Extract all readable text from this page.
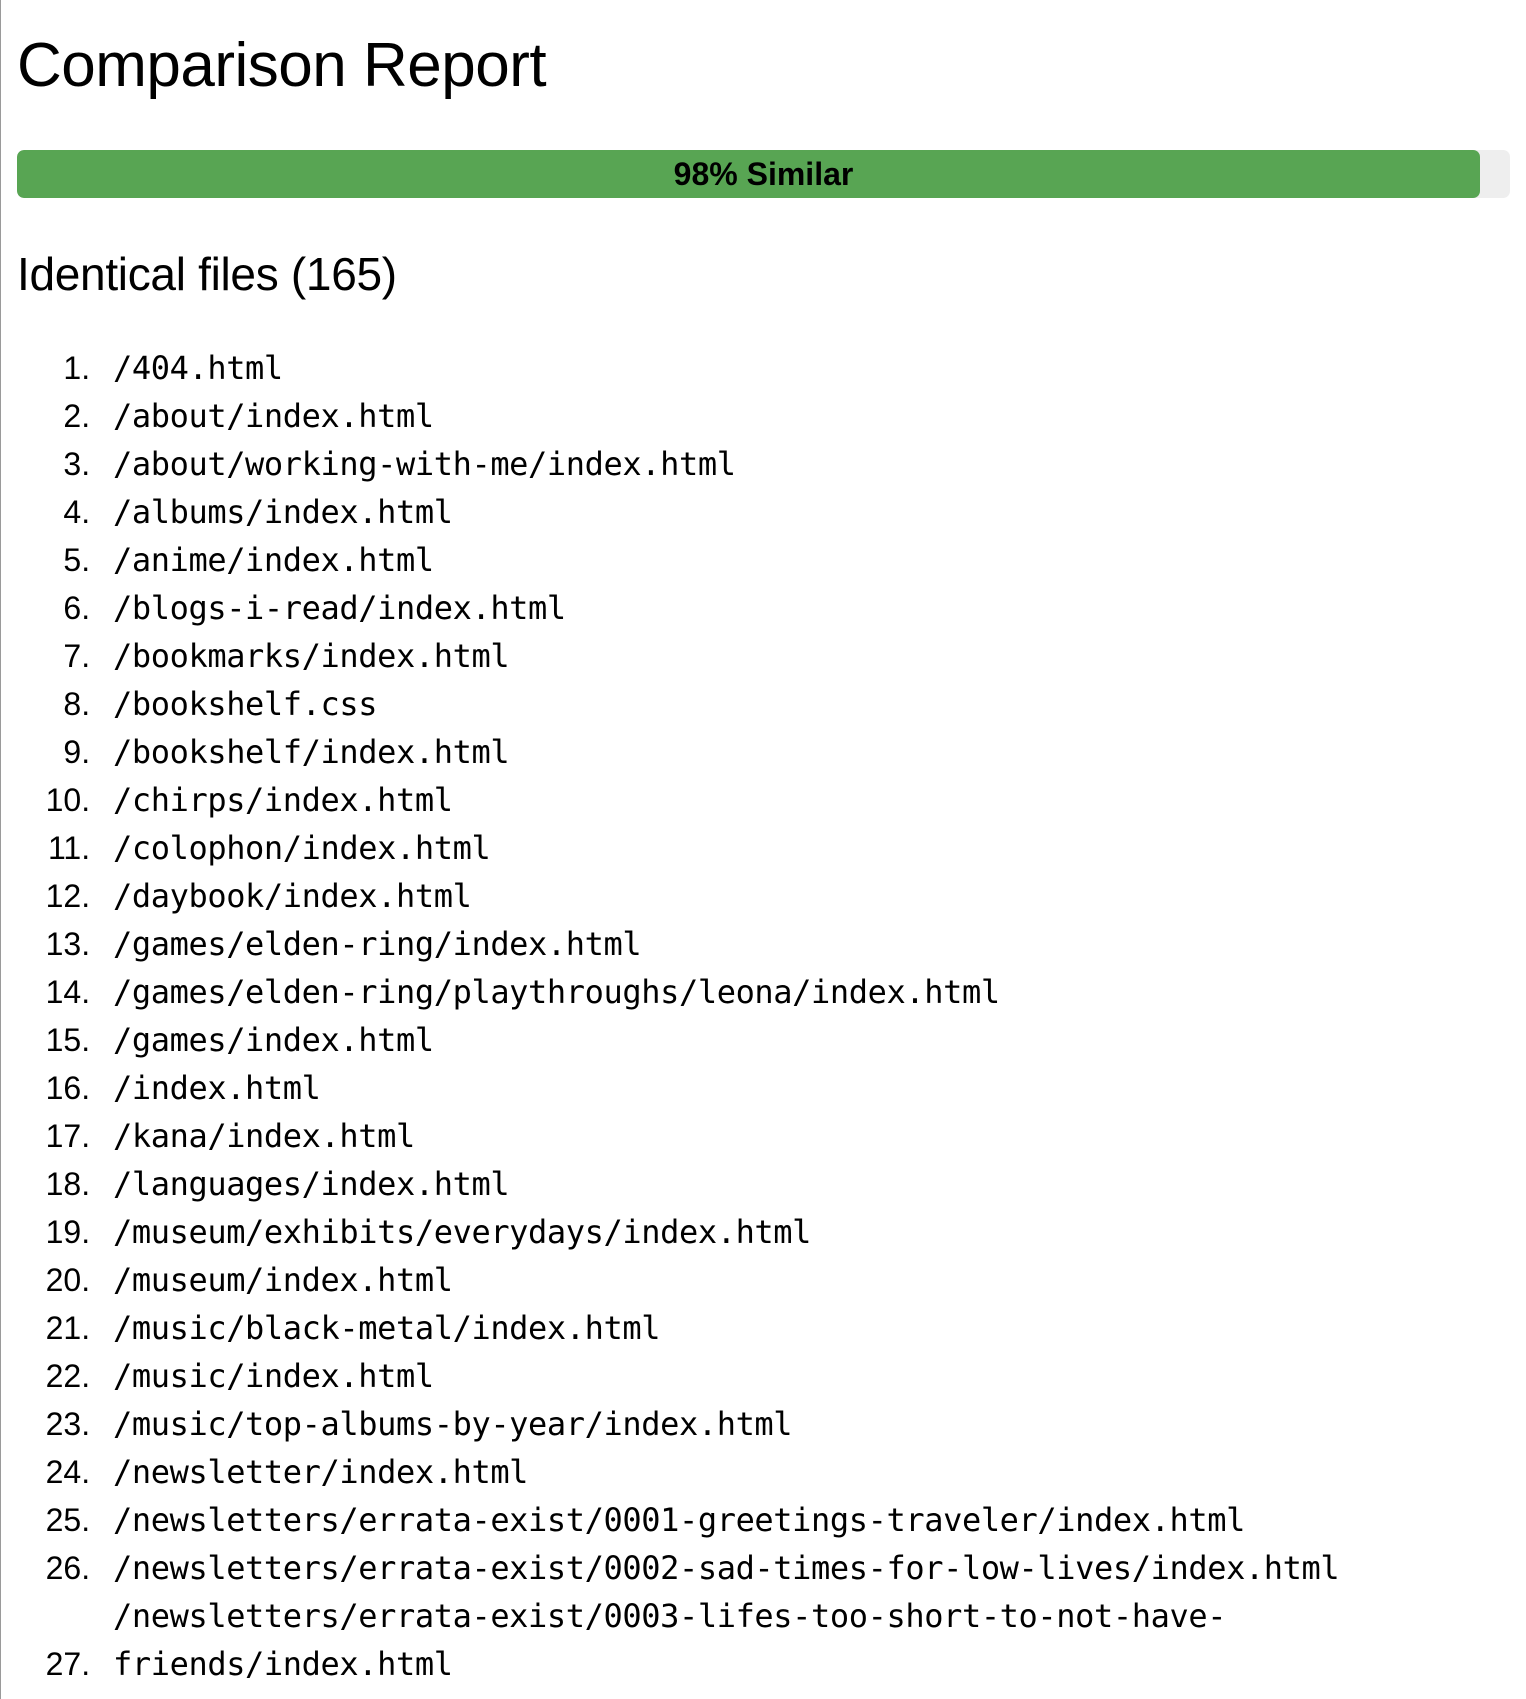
Comparison Report
98% Similar
Identical files (165)
1. /404.html
2. /about/index.html
3. /about/working-with-me/index.html
4. /albums/index.html
5. /anime/index.html
6. /blogs-i-read/index.html
7. /bookmarks/index.html
8. /bookshelf.css
9. /bookshelf/index.html
10. /chirps/index.html
11. /colophon/index.html
12. /daybook/index.html
13. /games/elden-ring/index.html
14. /games/elden-ring/playthroughs/leona/index.html
15. /games/index.html
16. /index.html
17. /kana/index.html
18. /languages/index.html
19. /museum/exhibits/everydays/index.html
20. /museum/index.html
21. /music/black-metal/index.html
22. /music/index.html
23. /music/top-albums-by-year/index.html
24. /newsletter/index.html
25. /newsletters/errata-exist/0001-greetings-traveler/index.html
26. /newsletters/errata-exist/0002-sad-times-for-low-lives/index.html
27. /newsletters/errata-exist/0003-lifes-too-short-to-not-have-friends/index.html
